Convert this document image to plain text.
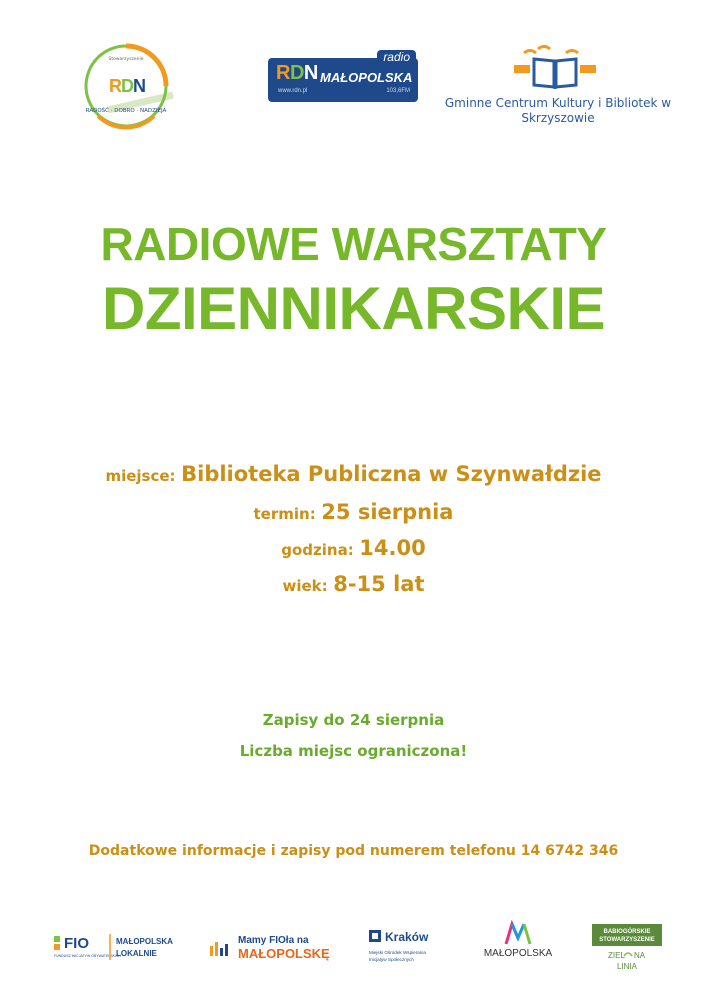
Stowarzyszenie
R D N
RADOŚĆ · DOBRO · NADZIEJA
radio
RDN MAŁOPOLSKA
www.rdn.pl	103,6FM
Gminne Centrum Kultury i Bibliotek w
Skrzyszowie
RADIOWE WARSZTATY
DZIENNIKARSKIE
miejsce: Biblioteka Publiczna w Szynwałdzie
termin: 25 sierpnia
godzina: 14.00
wiek: 8-15 lat
Zapisy do 24 sierpnia
Liczba miejsc ograniczona!
Dodatkowe informacje i zapisy pod numerem telefonu 14 6742 346
FIO
FUNDUSZ INICJATYW OBYWATELSKICH
MAŁOPOLSKA
LOKALNIE
Mamy FIOła na
MAŁOPOLSKĘ
Kraków
Miejski Ośrodek Wspierania
Inicjatyw Społecznych
MAŁOPOLSKA
BABIOGÓRSKIE
STOWARZYSZENIE
ZIEL NA
LINIA
